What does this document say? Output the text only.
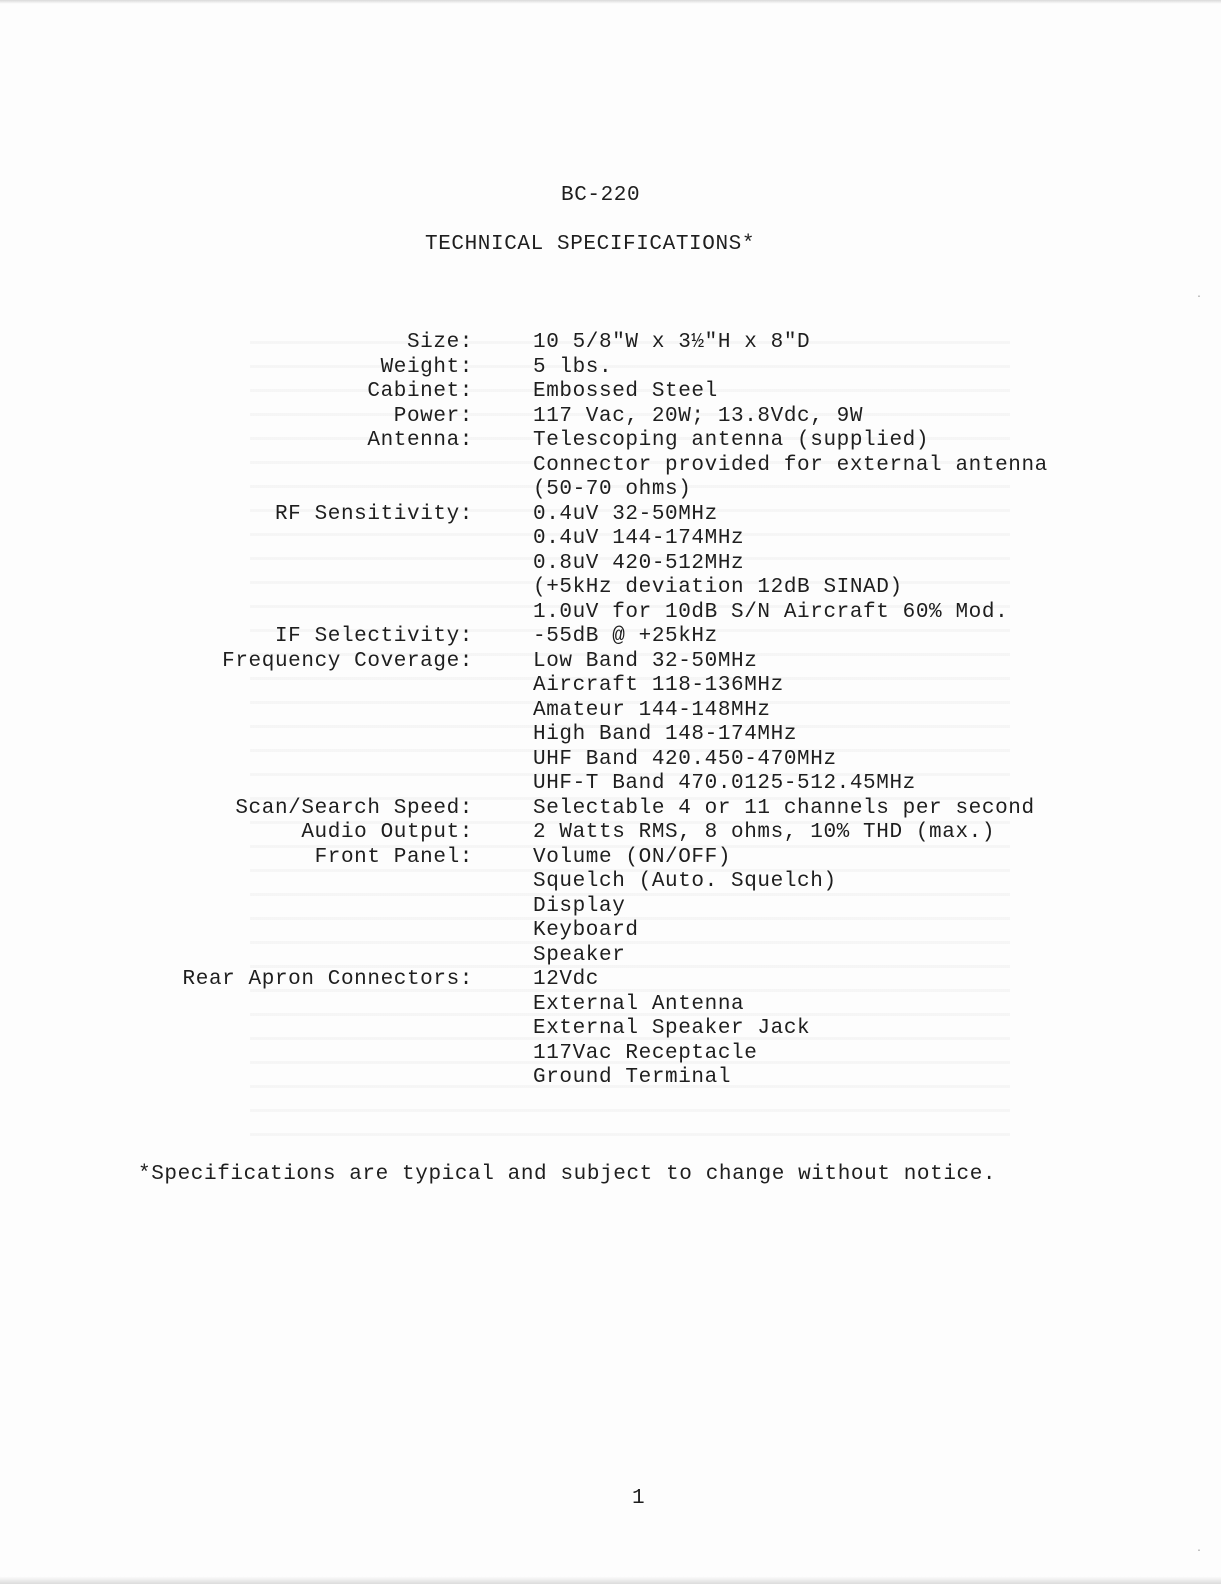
BC-220
TECHNICAL SPECIFICATIONS*
Size:
Weight:
Cabinet:
Power:
Antenna:
RF Sensitivity:
IF Selectivity:
Frequency Coverage:
Scan/Search Speed:
Audio Output:
Front Panel:
Rear Apron Connectors:
10 5/8"W x 3½"H x 8"D
5 lbs.
Embossed Steel
117 Vac, 20W; 13.8Vdc, 9W
Telescoping antenna (supplied)
Connector provided for external antenna
(50-70 ohms)
0.4uV 32-50MHz
0.4uV 144-174MHz
0.8uV 420-512MHz
(+5kHz deviation 12dB SINAD)
1.0uV for 10dB S/N Aircraft 60% Mod.
-55dB @ +25kHz
Low Band 32-50MHz
Aircraft 118-136MHz
Amateur 144-148MHz
High Band 148-174MHz
UHF Band 420.450-470MHz
UHF-T Band 470.0125-512.45MHz
Selectable 4 or 11 channels per second
2 Watts RMS, 8 ohms, 10% THD (max.)
Volume (ON/OFF)
Squelch (Auto. Squelch)
Display
Keyboard
Speaker
12Vdc
External Antenna
External Speaker Jack
117Vac Receptacle
Ground Terminal
*Specifications are typical and subject to change without notice.
1
·
·
